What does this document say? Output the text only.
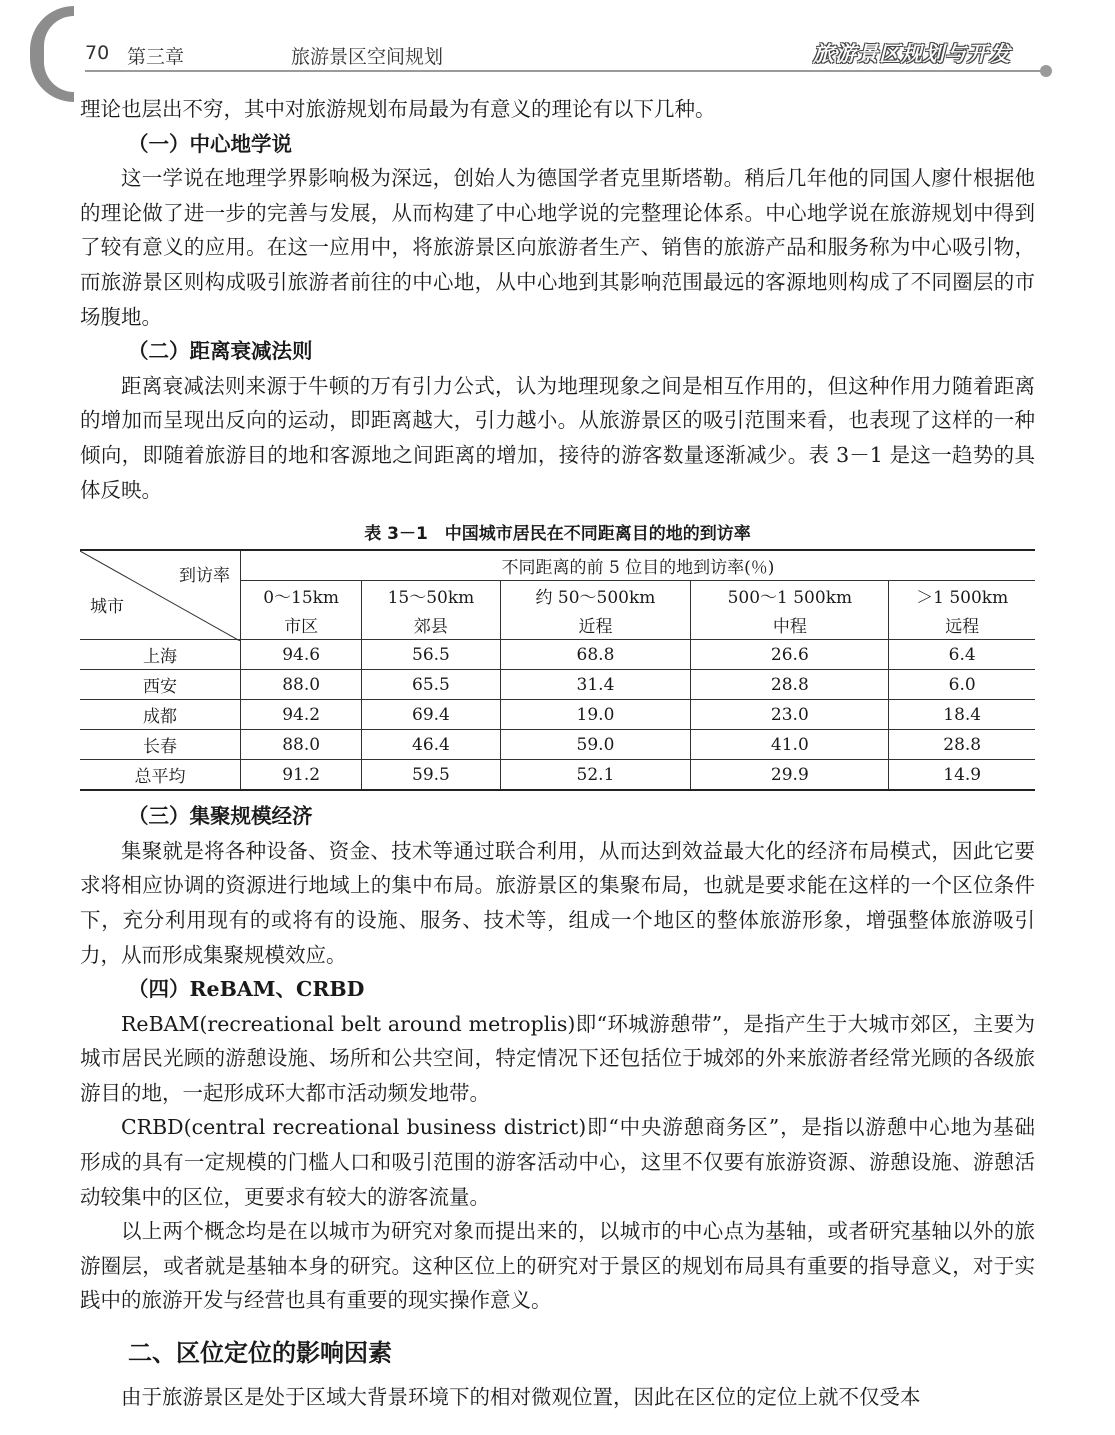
70 第三章	旅游景区空间规划	旅游景区规划与开发

理论也层出不穷，其中对旅游规划布局最为有意义的理论有以下几种。

（一）中心地学说

这一学说在地理学界影响极为深远，创始人为德国学者克里斯塔勒。稍后几年他的同国人廖什根据他的理论做了进一步的完善与发展，从而构建了中心地学说的完整理论体系。中心地学说在旅游规划中得到了较有意义的应用。在这一应用中，将旅游景区向旅游者生产、销售的旅游产品和服务称为中心吸引物，而旅游景区则构成吸引旅游者前往的中心地，从中心地到其影响范围最远的客源地则构成了不同圈层的市场腹地。

（二）距离衰减法则

距离衰减法则来源于牛顿的万有引力公式，认为地理现象之间是相互作用的，但这种作用力随着距离的增加而呈现出反向的运动，即距离越大，引力越小。从旅游景区的吸引范围来看，也表现了这样的一种倾向，即随着旅游目的地和客源地之间距离的增加，接待的游客数量逐渐减少。表 3－1 是这一趋势的具体反映。

表 3－1　中国城市居民在不同距离目的地的到访率
到访率
城市	不同距离的前 5 位目的地到访率(％)				
	0～15km	15～50km	约 50～500km	500～1 500km	＞1 500km
	市区	郊县	近程	中程	远程
上海	94.6	56.5	68.8	26.6	6.4
西安	88.0	65.5	31.4	28.8	6.0
成都	94.2	69.4	19.0	23.0	18.4
长春	88.0	46.4	59.0	41.0	28.8
总平均	91.2	59.5	52.1	29.9	14.9
（三）集聚规模经济

集聚就是将各种设备、资金、技术等通过联合利用，从而达到效益最大化的经济布局模式，因此它要求将相应协调的资源进行地域上的集中布局。旅游景区的集聚布局，也就是要求能在这样的一个区位条件下，充分利用现有的或将有的设施、服务、技术等，组成一个地区的整体旅游形象，增强整体旅游吸引力，从而形成集聚规模效应。

（四）ReBAM、CRBD

ReBAM(recreational belt around metroplis)即“环城游憩带”，是指产生于大城市郊区，主要为城市居民光顾的游憩设施、场所和公共空间，特定情况下还包括位于城郊的外来旅游者经常光顾的各级旅游目的地，一起形成环大都市活动频发地带。

CRBD(central recreational business district)即“中央游憩商务区”，是指以游憩中心地为基础形成的具有一定规模的门槛人口和吸引范围的游客活动中心，这里不仅要有旅游资源、游憩设施、游憩活动较集中的区位，更要求有较大的游客流量。

以上两个概念均是在以城市为研究对象而提出来的，以城市的中心点为基轴，或者研究基轴以外的旅游圈层，或者就是基轴本身的研究。这种区位上的研究对于景区的规划布局具有重要的指导意义，对于实践中的旅游开发与经营也具有重要的现实操作意义。

二、区位定位的影响因素

由于旅游景区是处于区域大背景环境下的相对微观位置，因此在区位的定位上就不仅受本
